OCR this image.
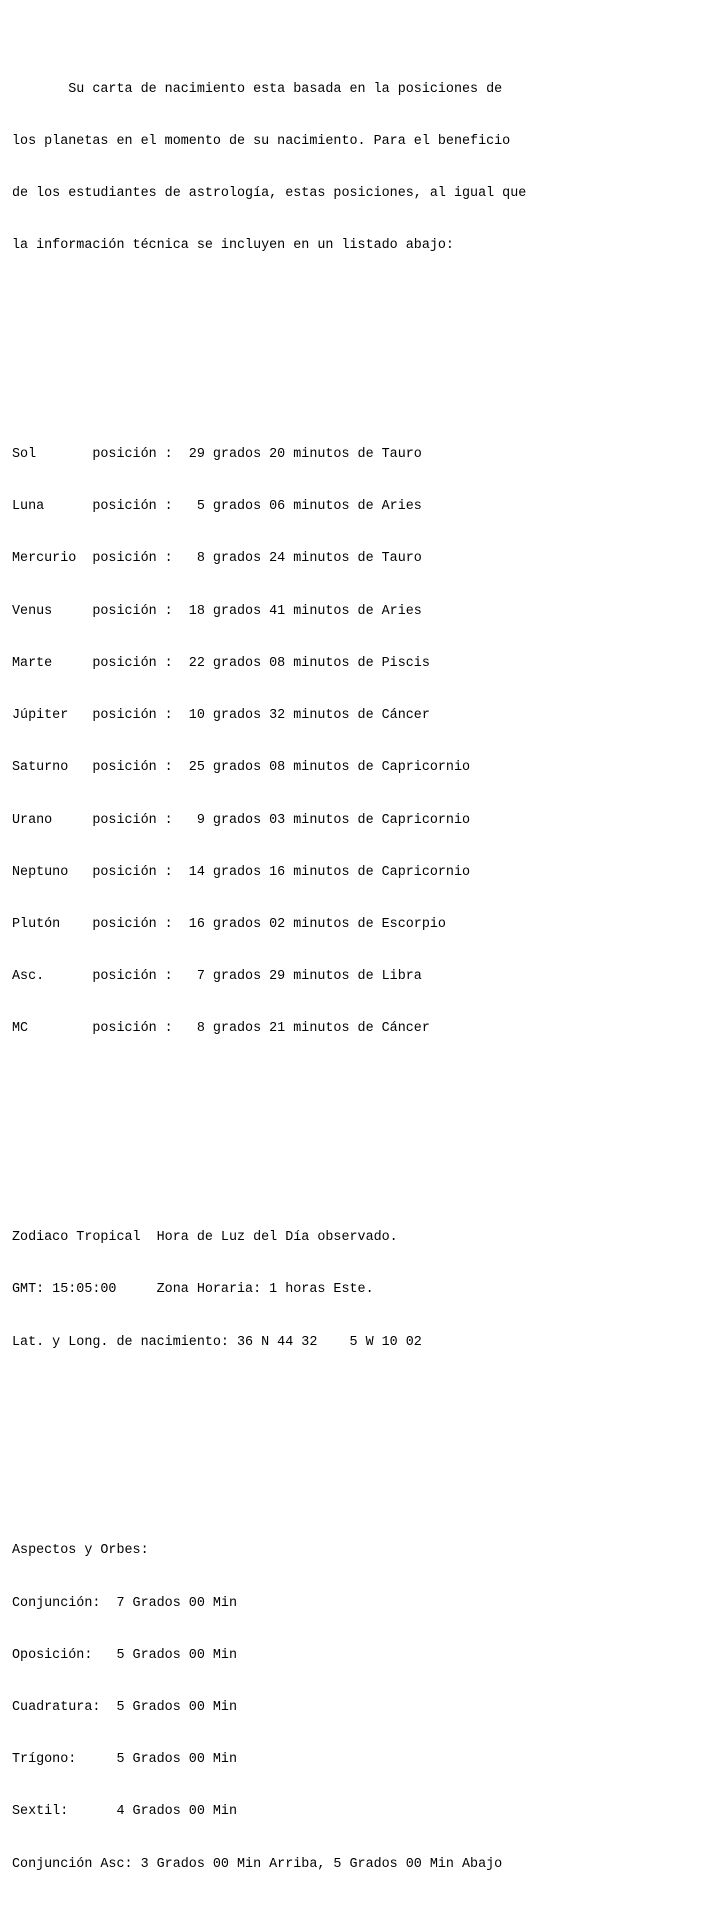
Su carta de nacimiento esta basada en la posiciones de

los planetas en el momento de su nacimiento. Para el beneficio

de los estudiantes de astrología, estas posiciones, al igual que

la información técnica se incluyen en un listado abajo:

Sol       posición :  29 grados 20 minutos de Tauro

Luna      posición :   5 grados 06 minutos de Aries

Mercurio  posición :   8 grados 24 minutos de Tauro

Venus     posición :  18 grados 41 minutos de Aries

Marte     posición :  22 grados 08 minutos de Piscis

Júpiter   posición :  10 grados 32 minutos de Cáncer

Saturno   posición :  25 grados 08 minutos de Capricornio

Urano     posición :   9 grados 03 minutos de Capricornio

Neptuno   posición :  14 grados 16 minutos de Capricornio

Plutón    posición :  16 grados 02 minutos de Escorpio

Asc.      posición :   7 grados 29 minutos de Libra

MC        posición :   8 grados 21 minutos de Cáncer

Zodiaco Tropical  Hora de Luz del Día observado.

GMT: 15:05:00     Zona Horaria: 1 horas Este.

Lat. y Long. de nacimiento: 36 N 44 32    5 W 10 02

Aspectos y Orbes:

Conjunción:  7 Grados 00 Min

Oposición:   5 Grados 00 Min

Cuadratura:  5 Grados 00 Min

Trígono:     5 Grados 00 Min

Sextil:      4 Grados 00 Min

Conjunción Asc: 3 Grados 00 Min Arriba, 5 Grados 00 Min Abajo
